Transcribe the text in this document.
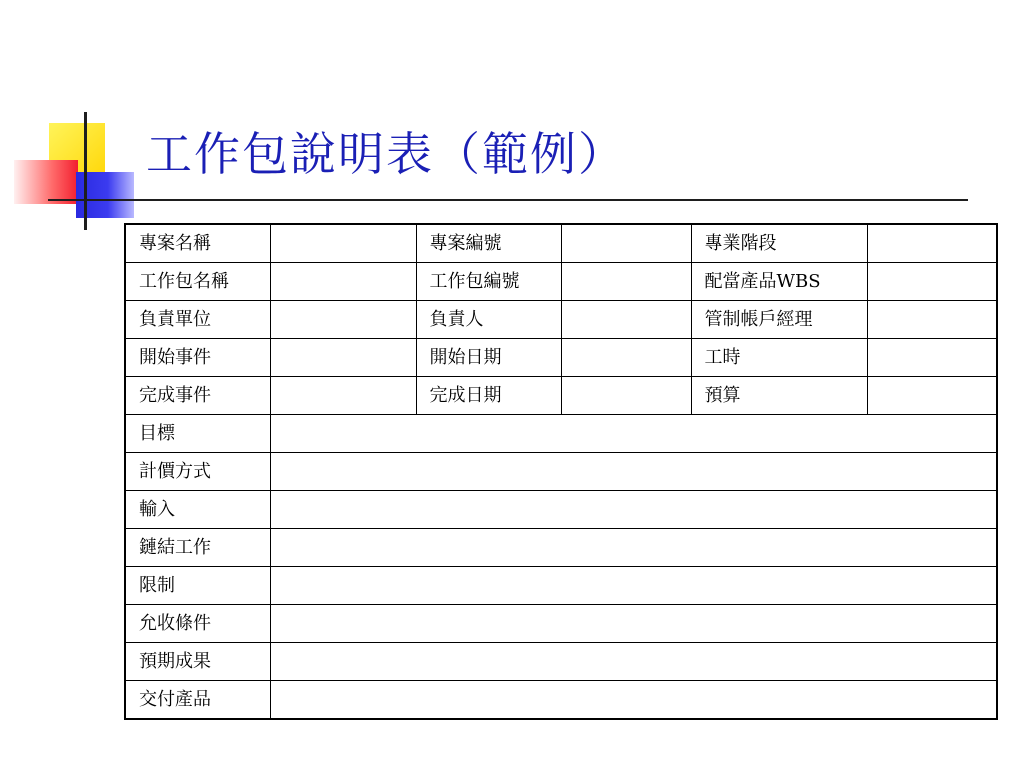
工作包說明表（範例）
專案名稱		專案編號		專業階段	
工作包名稱		工作包編號		配當產品WBS	
負責單位		負責人		管制帳戶經理	
開始事件		開始日期		工時	
完成事件		完成日期		預算	
目標					
計價方式					
輸入					
鏈結工作					
限制					
允收條件					
預期成果					
交付產品					
